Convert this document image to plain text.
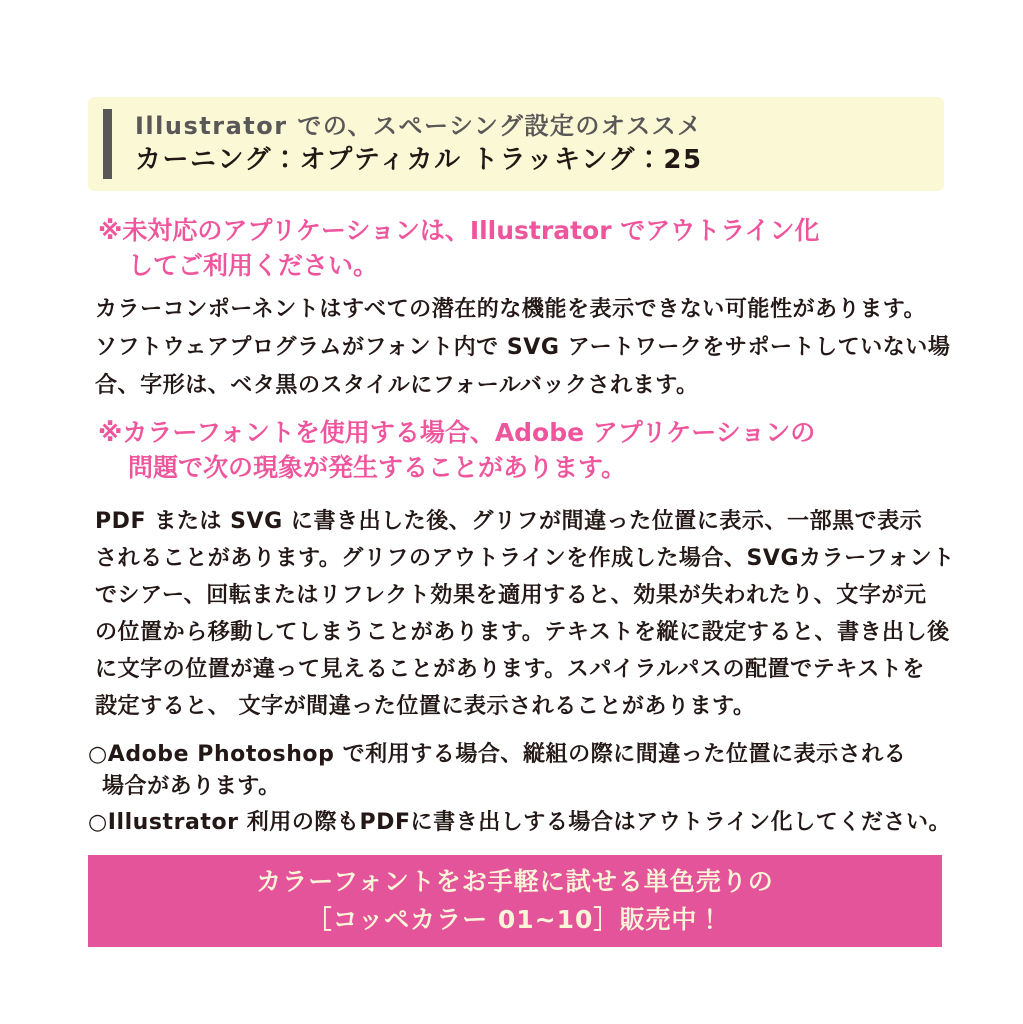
Illustrator での、スペーシング設定のオススメ
カーニング：オプティカル トラッキング：25
※未対応のアプリケーションは、Illustrator でアウトライン化
してご利用ください。
カラーコンポーネントはすべての潜在的な機能を表示できない可能性があります。
ソフトウェアプログラムがフォント内で SVG アートワークをサポートしていない場
合、字形は、ベタ黒のスタイルにフォールバックされます。
※カラーフォントを使用する場合、Adobe アプリケーションの
問題で次の現象が発生することがあります。
PDF または SVG に書き出した後、グリフが間違った位置に表示、一部黒で表示
されることがあります。グリフのアウトラインを作成した場合、SVGカラーフォント
でシアー、回転またはリフレクト効果を適用すると、効果が失われたり、文字が元
の位置から移動してしまうことがあります。テキストを縦に設定すると、書き出し後
に文字の位置が違って見えることがあります。スパイラルパスの配置でテキストを
設定すると、 文字が間違った位置に表示されることがあります。
○Adobe Photoshop で利用する場合、縦組の際に間違った位置に表示される
場合があります。
○Illustrator 利用の際もPDFに書き出しする場合はアウトライン化してください。
カラーフォントをお手軽に試せる単色売りの
［コッペカラー 01~10］販売中！
